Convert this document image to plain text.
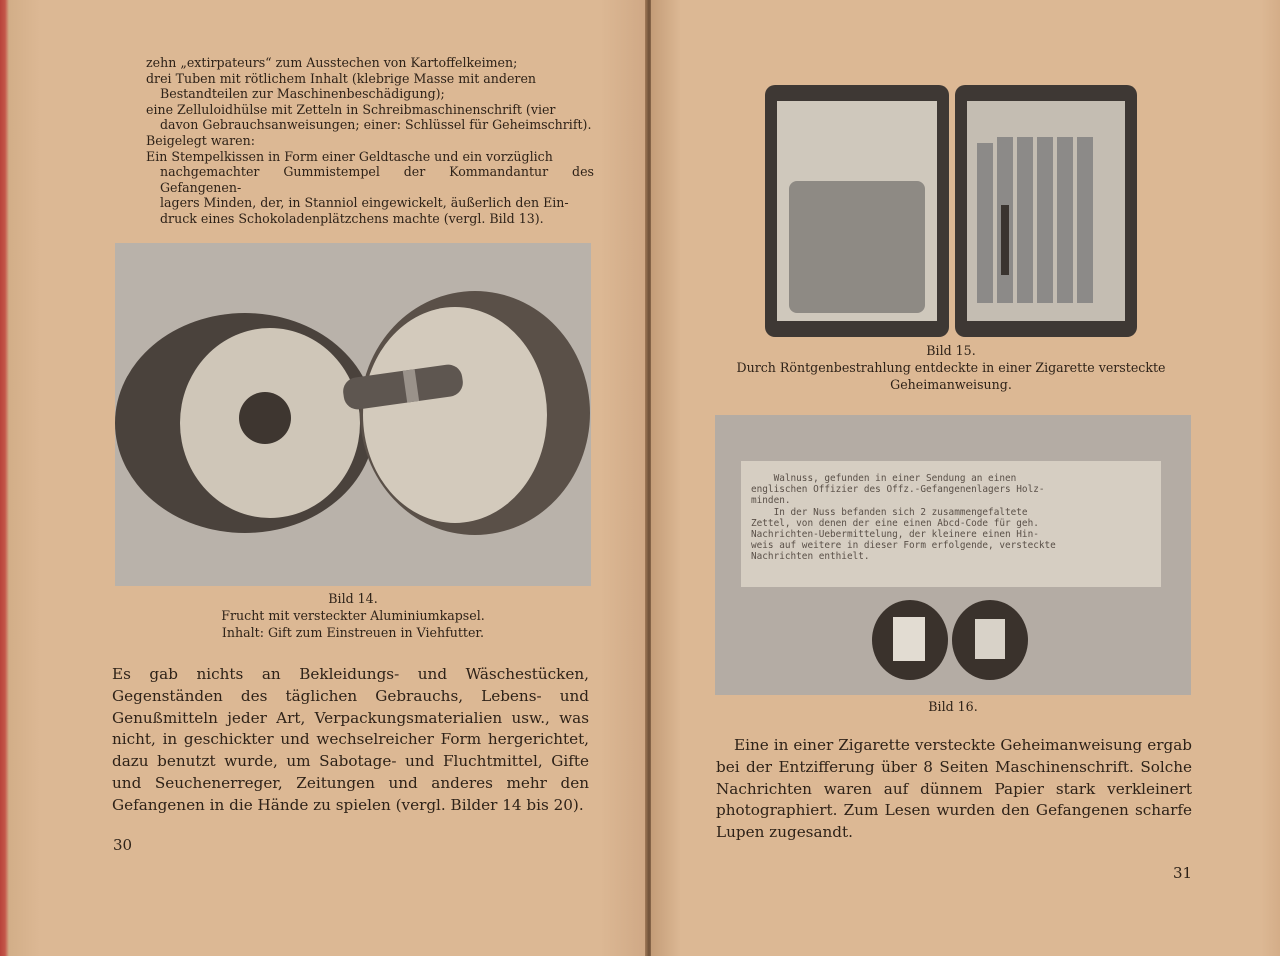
zehn „extirpateurs“ zum Ausstechen von Kartoffelkeimen;
drei Tuben mit rötlichem Inhalt (klebrige Masse mit anderen
Bestandteilen zur Maschinenbeschädigung);
eine Zelluloidhülse mit Zetteln in Schreibmaschinenschrift (vier
davon Gebrauchsanweisungen; einer: Schlüssel für Geheimschrift).
Beigelegt waren:
Ein Stempelkissen in Form einer Geldtasche und ein vorzüglich
nachgemachter Gummistempel der Kommandantur des Gefangenen-
lagers Minden, der, in Stanniol eingewickelt, äußerlich den Ein-
druck eines Schokoladenplätzchens machte (vergl. Bild 13).
Bild 14.
Frucht mit versteckter Aluminiumkapsel.
Inhalt: Gift zum Einstreuen in Viehfutter.
Es gab nichts an Bekleidungs- und Wäschestücken, Gegenständen des täglichen Gebrauchs, Lebens- und Genußmitteln jeder Art, Verpackungsmaterialien usw., was nicht, in geschickter und wechselreicher Form hergerichtet, dazu benutzt wurde, um Sabotage- und Fluchtmittel, Gifte und Seuchenerreger, Zeitungen und anderes mehr den Gefangenen in die Hände zu spielen (vergl. Bilder 14 bis 20).
30
Bild 15.
Durch Röntgenbestrahlung entdeckte in einer Zigarette versteckte
Geheimanweisung.
Walnuss, gefunden in einer Sendung an einen
englischen Offizier des Offz.-Gefangenenlagers Holz-
minden.
In der Nuss befanden sich 2 zusammengefaltete
Zettel, von denen der eine einen Abcd-Code für geh.
Nachrichten-Uebermittelung, der kleinere einen Hin-
weis auf weitere in dieser Form erfolgende, versteckte
Nachrichten enthielt.
Bild 16.
Eine in einer Zigarette versteckte Geheimanweisung ergab bei der Entzifferung über 8 Seiten Maschinenschrift. Solche Nachrichten waren auf dünnem Papier stark verkleinert photographiert. Zum Lesen wurden den Gefangenen scharfe Lupen zugesandt.
31
